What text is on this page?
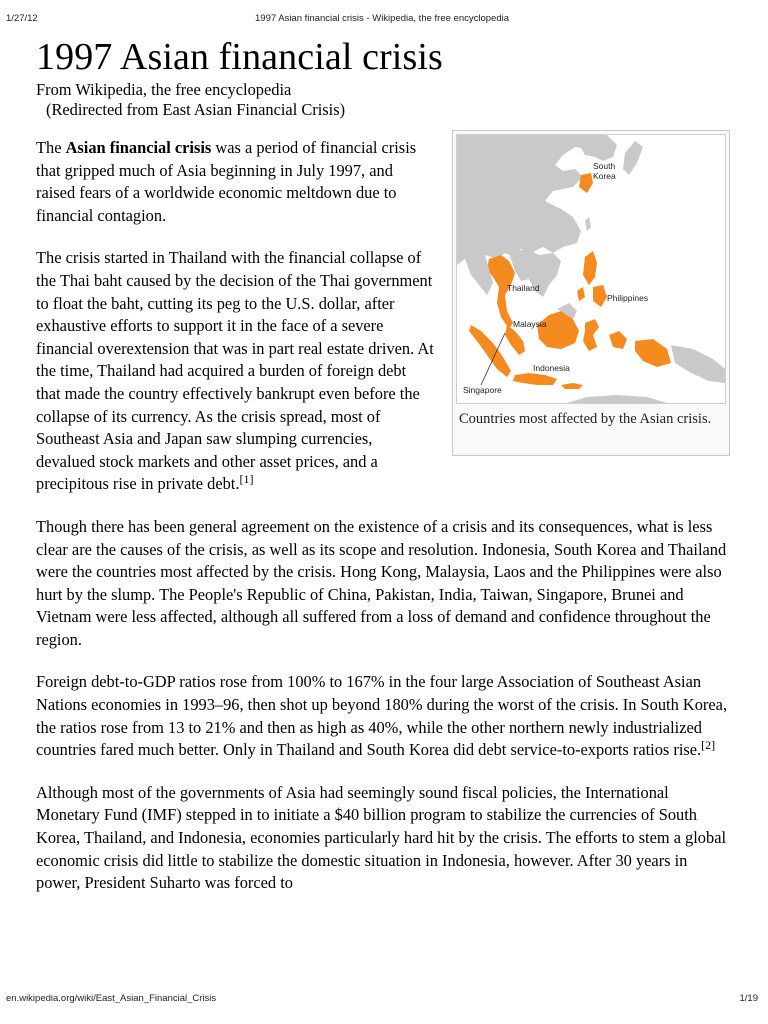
1/27/12	1997 Asian financial crisis - Wikipedia, the free encyclopedia
1997 Asian financial crisis
From Wikipedia, the free encyclopedia
(Redirected from East Asian Financial Crisis)
South
Korea
Thailand
Philippines
Malaysia
Indonesia
Singapore
Countries most affected by the Asian crisis.

The Asian financial crisis was a period of financial crisis that gripped much of Asia beginning in July 1997, and raised fears of a worldwide economic meltdown due to financial contagion.

The crisis started in Thailand with the financial collapse of the Thai baht caused by the decision of the Thai government to float the baht, cutting its peg to the U.S. dollar, after exhaustive efforts to support it in the face of a severe financial overextension that was in part real estate driven. At the time, Thailand had acquired a burden of foreign debt that made the country effectively bankrupt even before the collapse of its currency. As the crisis spread, most of Southeast Asia and Japan saw slumping currencies, devalued stock markets and other asset prices, and a precipitous rise in private debt.[1]

Though there has been general agreement on the existence of a crisis and its consequences, what is less clear are the causes of the crisis, as well as its scope and resolution. Indonesia, South Korea and Thailand were the countries most affected by the crisis. Hong Kong, Malaysia, Laos and the Philippines were also hurt by the slump. The People's Republic of China, Pakistan, India, Taiwan, Singapore, Brunei and Vietnam were less affected, although all suffered from a loss of demand and confidence throughout the region.

Foreign debt-to-GDP ratios rose from 100% to 167% in the four large Association of Southeast Asian Nations economies in 1993–96, then shot up beyond 180% during the worst of the crisis. In South Korea, the ratios rose from 13 to 21% and then as high as 40%, while the other northern newly industrialized countries fared much better. Only in Thailand and South Korea did debt service-to-exports ratios rise.[2]

Although most of the governments of Asia had seemingly sound fiscal policies, the International Monetary Fund (IMF) stepped in to initiate a $40 billion program to stabilize the currencies of South Korea, Thailand, and Indonesia, economies particularly hard hit by the crisis. The efforts to stem a global economic crisis did little to stabilize the domestic situation in Indonesia, however. After 30 years in power, President Suharto was forced to

en.wikipedia.org/wiki/East_Asian_Financial_Crisis	1/19
